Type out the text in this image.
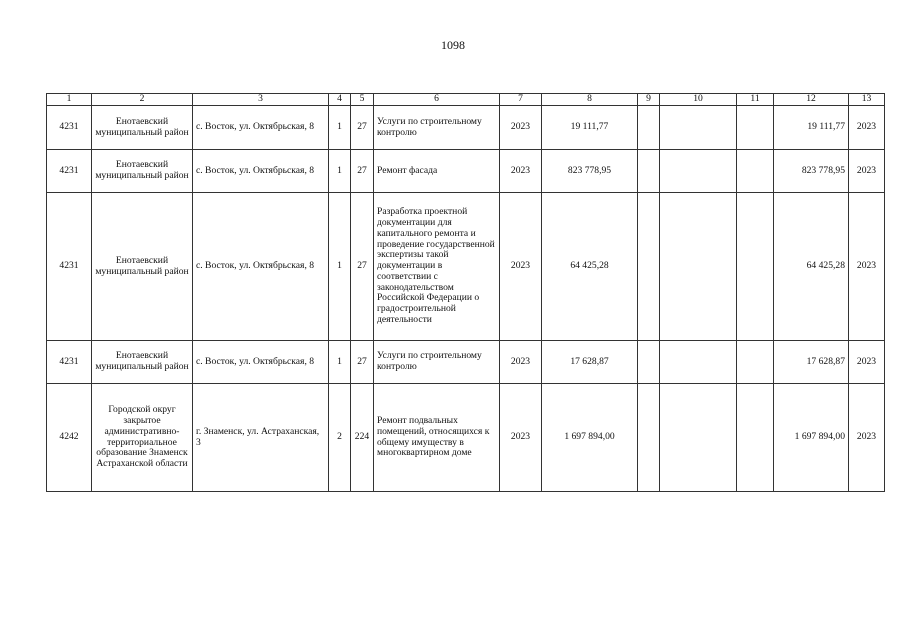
1098
1	2	3	4	5	6	7	8	9	10	11	12	13
4231	Енотаевский муниципальный район	с. Восток, ул. Октябрьская, 8	1	27	Услуги по строительному контролю	2023	19 111,77				19 111,77	2023
4231	Енотаевский муниципальный район	с. Восток, ул. Октябрьская, 8	1	27	Ремонт фасада	2023	823 778,95				823 778,95	2023
4231	Енотаевский муниципальный район	с. Восток, ул. Октябрьская, 8	1	27	Разработка проектной документации для капитального ремонта и проведение государственной экспертизы такой документации в соответствии с законодательством Российской Федерации о градостроительной деятельности	2023	64 425,28				64 425,28	2023
4231	Енотаевский муниципальный район	с. Восток, ул. Октябрьская, 8	1	27	Услуги по строительному контролю	2023	17 628,87				17 628,87	2023
4242	Городской округ закрытое административно-территориальное образование Знаменск Астраханской области	г. Знаменск, ул. Астраханская, 3	2	224	Ремонт подвальных помещений, относящихся к общему имуществу в многоквартирном доме	2023	1 697 894,00				1 697 894,00	2023
